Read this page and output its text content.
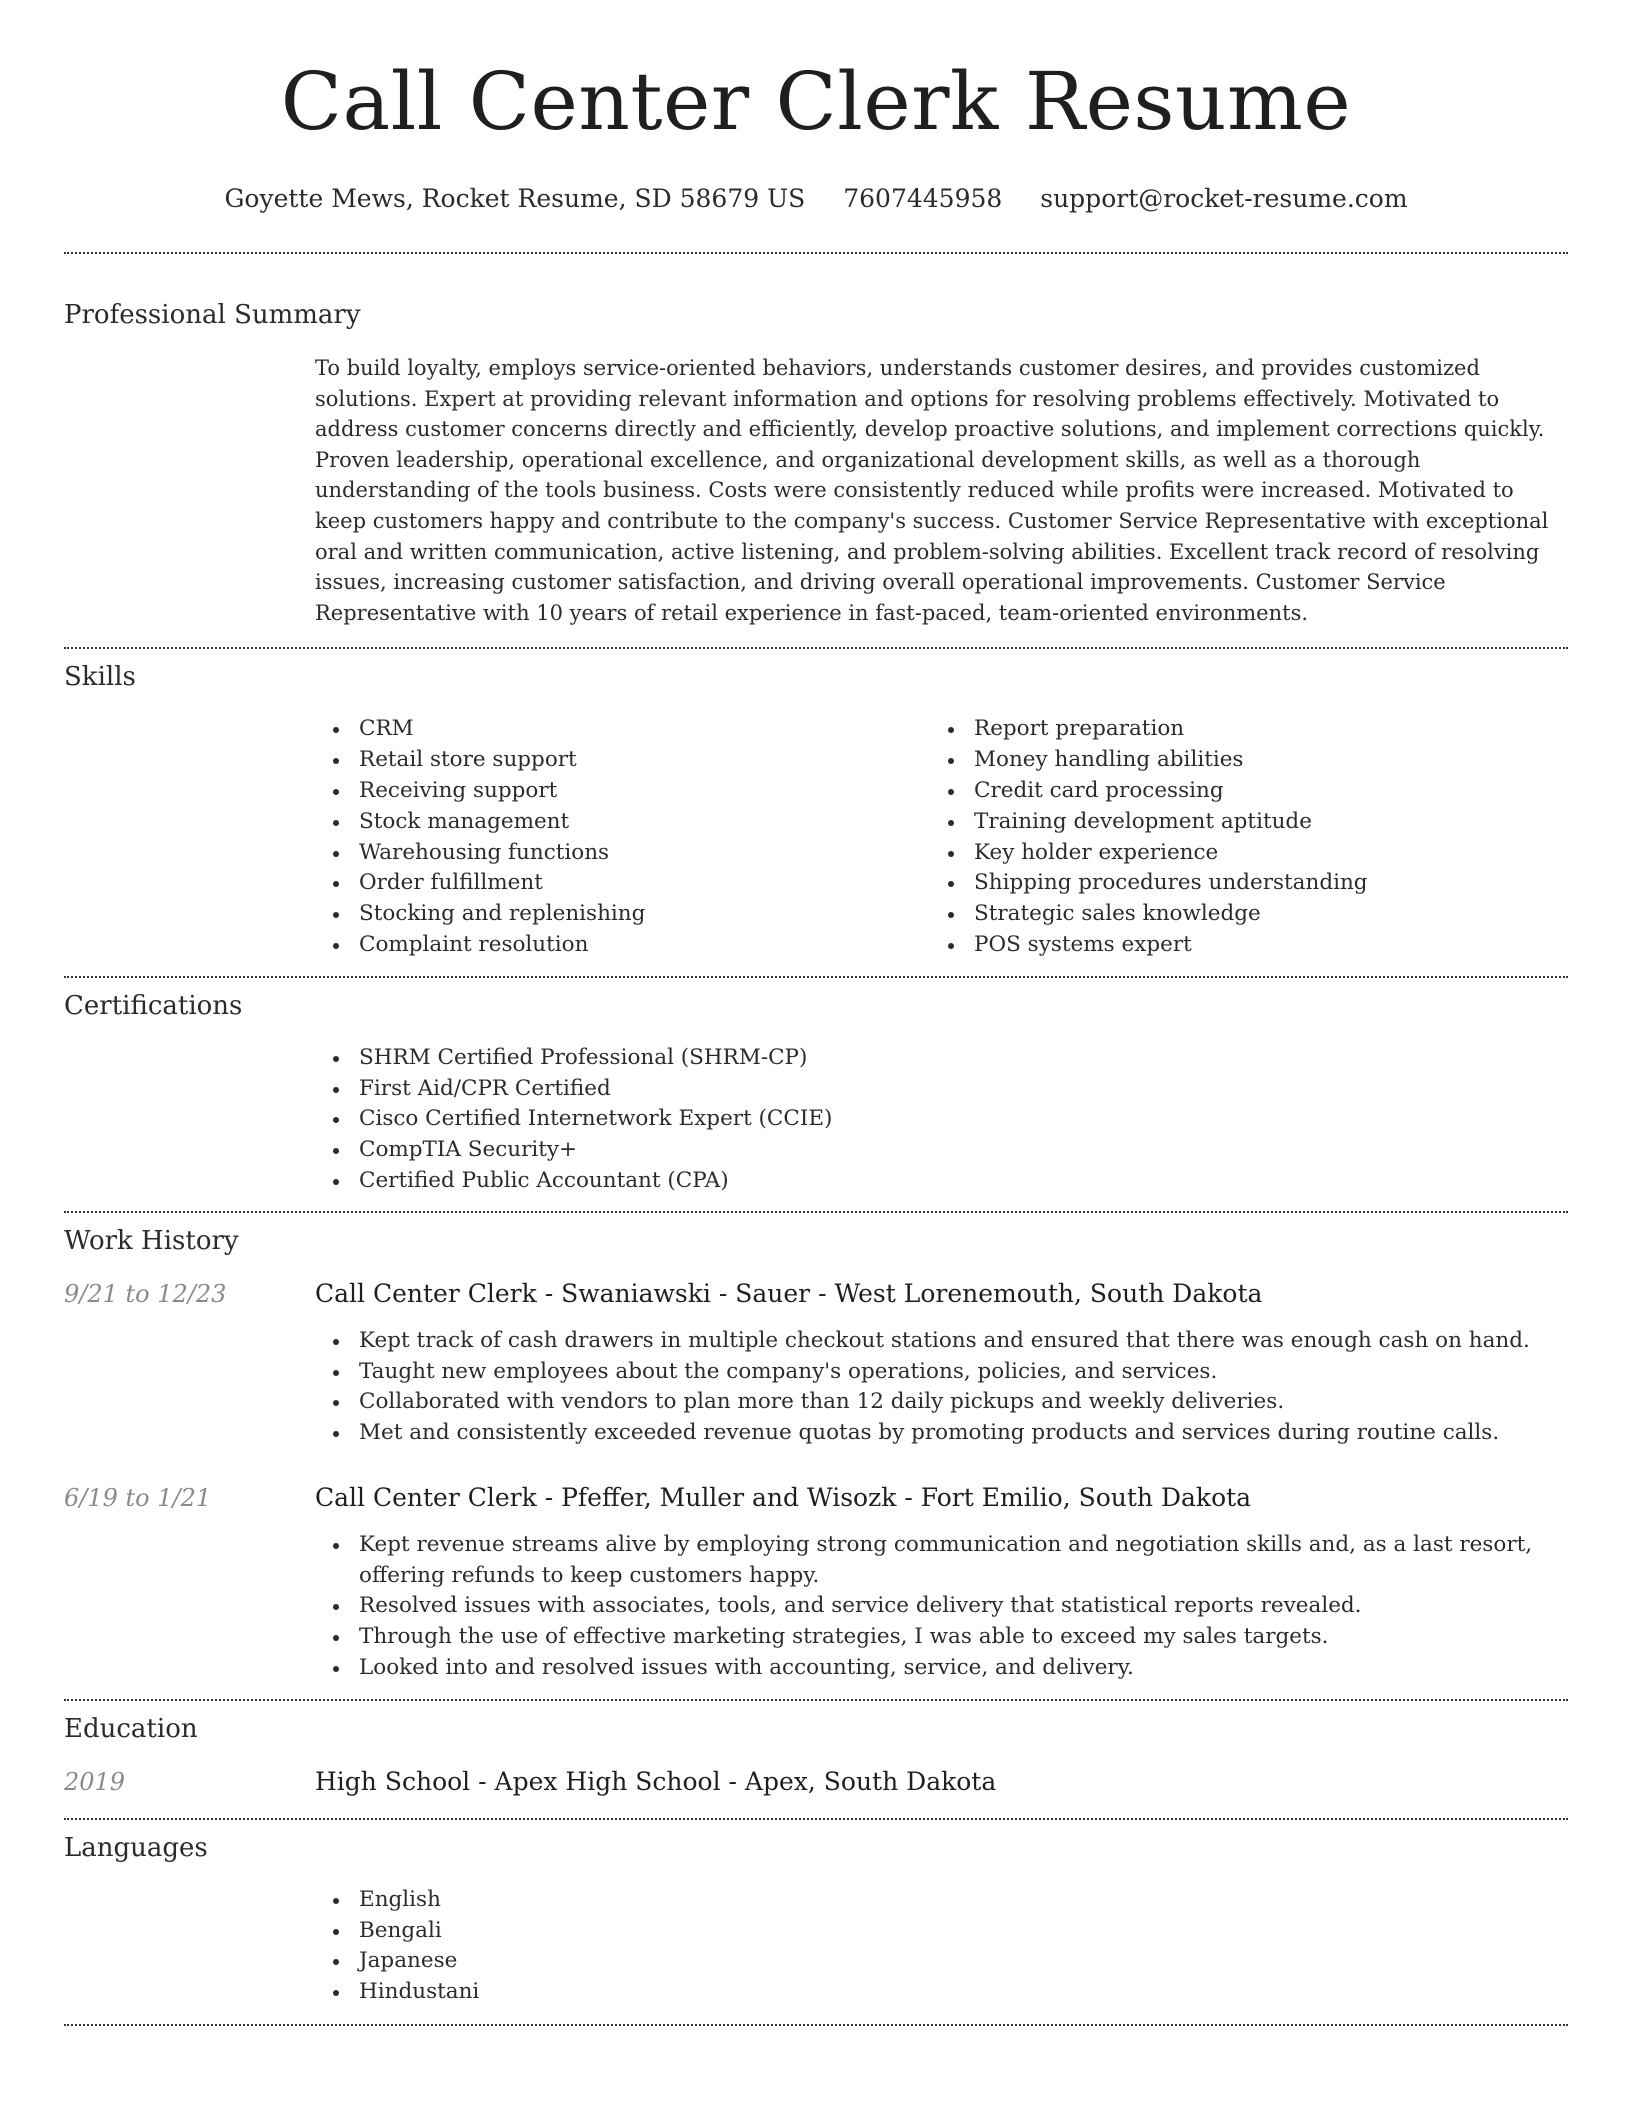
Call Center Clerk Resume
Goyette Mews, Rocket Resume, SD 58679 US 7607445958 support@rocket-resume.com
Professional Summary
To build loyalty, employs service-oriented behaviors, understands customer desires, and provides customized solutions. Expert at providing relevant information and options for resolving problems effectively. Motivated to address customer concerns directly and efficiently, develop proactive solutions, and implement corrections quickly. Proven leadership, operational excellence, and organizational development skills, as well as a thorough understanding of the tools business. Costs were consistently reduced while profits were increased. Motivated to keep customers happy and contribute to the company's success. Customer Service Representative with exceptional oral and written communication, active listening, and problem-solving abilities. Excellent track record of resolving issues, increasing customer satisfaction, and driving overall operational improvements. Customer Service Representative with 10 years of retail experience in fast-paced, team-oriented environments.
Skills
CRM
Retail store support
Receiving support
Stock management
Warehousing functions
Order fulfillment
Stocking and replenishing
Complaint resolution
Report preparation
Money handling abilities
Credit card processing
Training development aptitude
Key holder experience
Shipping procedures understanding
Strategic sales knowledge
POS systems expert
Certifications
SHRM Certified Professional (SHRM-CP)
First Aid/CPR Certified
Cisco Certified Internetwork Expert (CCIE)
CompTIA Security+
Certified Public Accountant (CPA)
Work History
9/21 to 12/23	Call Center Clerk - Swaniawski - Sauer - West Lorenemouth, South Dakota
Kept track of cash drawers in multiple checkout stations and ensured that there was enough cash on hand.
Taught new employees about the company's operations, policies, and services.
Collaborated with vendors to plan more than 12 daily pickups and weekly deliveries.
Met and consistently exceeded revenue quotas by promoting products and services during routine calls.
6/19 to 1/21	Call Center Clerk - Pfeffer, Muller and Wisozk - Fort Emilio, South Dakota
Kept revenue streams alive by employing strong communication and negotiation skills and, as a last resort, offering refunds to keep customers happy.
Resolved issues with associates, tools, and service delivery that statistical reports revealed.
Through the use of effective marketing strategies, I was able to exceed my sales targets.
Looked into and resolved issues with accounting, service, and delivery.
Education
2019	High School - Apex High School - Apex, South Dakota
Languages
English
Bengali
Japanese
Hindustani
